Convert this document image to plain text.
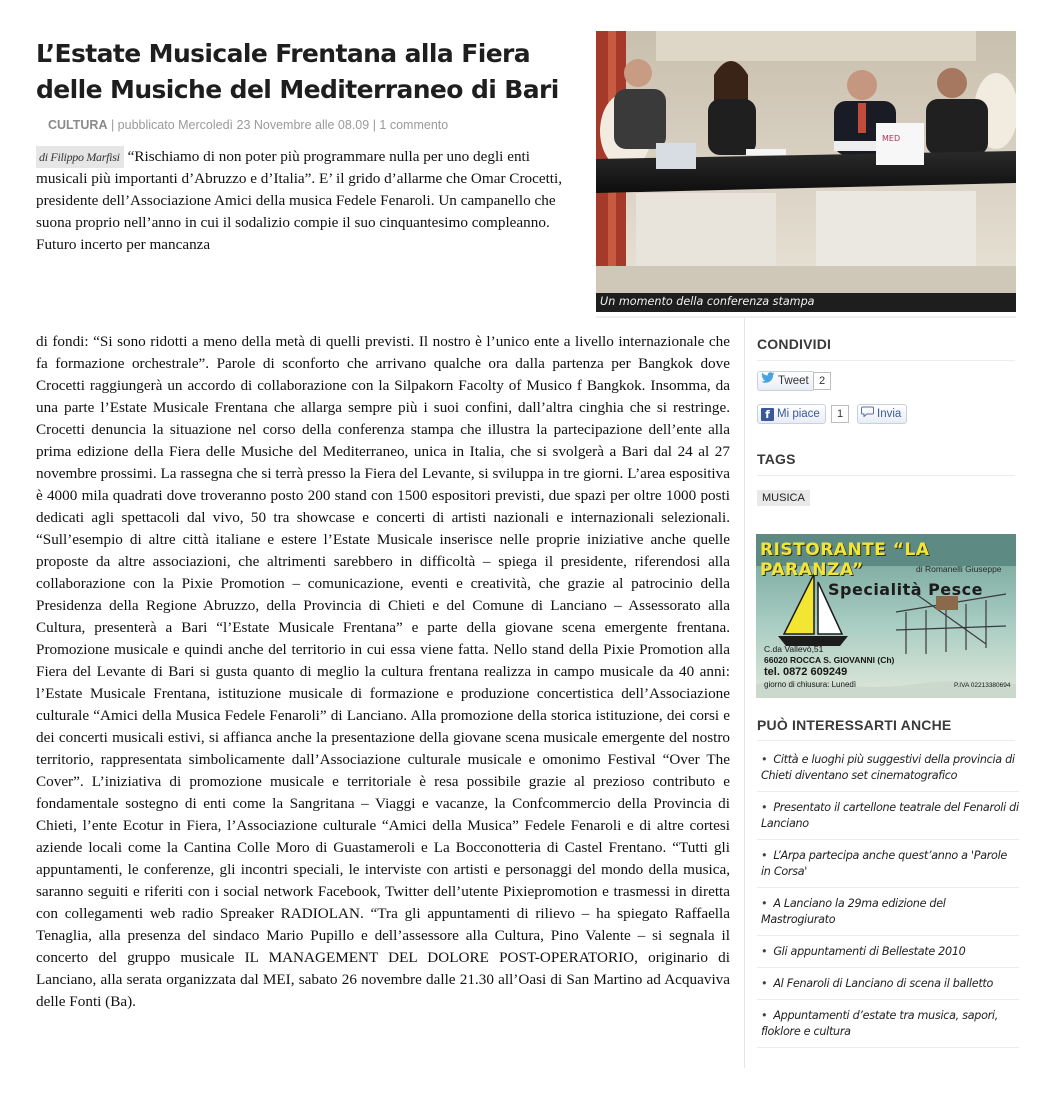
L’Estate Musicale Frentana alla Fiera delle Musiche del Mediterraneo di Bari
CULTURA | pubblicato Mercoledì 23 Novembre alle 08.09 | 1 commento

di Filippo Marfisi “Rischiamo di non poter più programmare nulla per uno degli enti musicali più importanti d’Abruzzo e d’Italia”. E’ il grido d’allarme che Omar Crocetti, presidente dell’Associazione Amici della musica Fedele Fenaroli. Un campanello che suona proprio nell’anno in cui il sodalizio compie il suo cinquantesimo compleanno. Futuro incerto per mancanza

MED
Un momento della conferenza stampa

di fondi: “Si sono ridotti a meno della metà di quelli previsti. Il nostro è l’unico ente a livello internazionale che fa formazione orchestrale”. Parole di sconforto che arrivano qualche ora dalla partenza per Bangkok dove Crocetti raggiungerà un accordo di collaborazione con la Silpakorn Facolty of Musico f Bangkok. Insomma, da una parte l’Estate Musicale Frentana che allarga sempre più i suoi confini, dall’altra cinghia che si restringe. Crocetti denuncia la situazione nel corso della conferenza stampa che illustra la partecipazione dell’ente alla prima edizione della Fiera delle Musiche del Mediterraneo, unica in Italia, che si svolgerà a Bari dal 24 al 27 novembre prossimi. La rassegna che si terrà presso la Fiera del Levante, si sviluppa in tre giorni. L’area espositiva è 4000 mila quadrati dove troveranno posto 200 stand con 1500 espositori previsti, due spazi per oltre 1000 posti dedicati agli spettacoli dal vivo, 50 tra showcase e concerti di artisti nazionali e internazionali selezionali. “Sull’esempio di altre città italiane e estere l’Estate Musicale inserisce nelle proprie iniziative anche quelle proposte da altre associazioni, che altrimenti sarebbero in difficoltà – spiega il presidente, riferendosi alla collaborazione con la Pixie Promotion – comunicazione, eventi e creatività, che grazie al patrocinio della Presidenza della Regione Abruzzo, della Provincia di Chieti e del Comune di Lanciano – Assessorato alla Cultura, presenterà a Bari “l’Estate Musicale Frentana” e parte della giovane scena emergente frentana. Promozione musicale e quindi anche del territorio in cui essa viene fatta. Nello stand della Pixie Promotion alla Fiera del Levante di Bari si gusta quanto di meglio la cultura frentana realizza in campo musicale da 40 anni: l’Estate Musicale Frentana, istituzione musicale di formazione e produzione concertistica dell’Associazione culturale “Amici della Musica Fedele Fenaroli” di Lanciano. Alla promozione della storica istituzione, dei corsi e dei concerti musicali estivi, si affianca anche la presentazione della giovane scena musicale emergente del nostro territorio, rappresentata simbolicamente dall’Associazione culturale musicale e omonimo Festival “Over The Cover”. L’iniziativa di promozione musicale e territoriale è resa possibile grazie al prezioso contributo e fondamentale sostegno di enti come la Sangritana – Viaggi e vacanze, la Confcommercio della Provincia di Chieti, l’ente Ecotur in Fiera, l’Associazione culturale “Amici della Musica” Fedele Fenaroli e di altre cortesi aziende locali come la Cantina Colle Moro di Guastameroli e La Bocconotteria di Castel Frentano. “Tutti gli appuntamenti, le conferenze, gli incontri speciali, le interviste con artisti e personaggi del mondo della musica, saranno seguiti e riferiti con i social network Facebook, Twitter dell’utente Pixiepromotion e trasmessi in diretta con collegamenti web radio Spreaker RADIOLAN. “Tra gli appuntamenti di rilievo – ha spiegato Raffaella Tenaglia, alla presenza del sindaco Mario Pupillo e dell’assessore alla Cultura, Pino Valente – si segnala il concerto del gruppo musicale IL MANAGEMENT DEL DOLORE POST-OPERATORIO, originario di Lanciano, alla serata organizzata dal MEI, sabato 26 novembre dalle 21.30 all’Oasi di San Martino ad Acquaviva delle Fonti (Ba).

CONDIVIDI
Tweet 2
f Mi piace	1	Invia
TAGS
MUSICA
RISTORANTE “LA PARANZA”	di Romanelli Giuseppe
Specialità Pesce
C.da Vallevò,51
66020 ROCCA S. GIOVANNI (Ch)
tel. 0872 609249
giorno di chiusura: Lunedì	P.IVA 02213380694
PUÒ INTERESSARTI ANCHE
• Città e luoghi più suggestivi della provincia di Chieti diventano set cinematografico
• Presentato il cartellone teatrale del Fenaroli di Lanciano
• L’Arpa partecipa anche quest’anno a 'Parole in Corsa'
• A Lanciano la 29ma edizione del Mastrogiurato
• Gli appuntamenti di Bellestate 2010
• Al Fenaroli di Lanciano di scena il balletto
• Appuntamenti d’estate tra musica, sapori, floklore e cultura
